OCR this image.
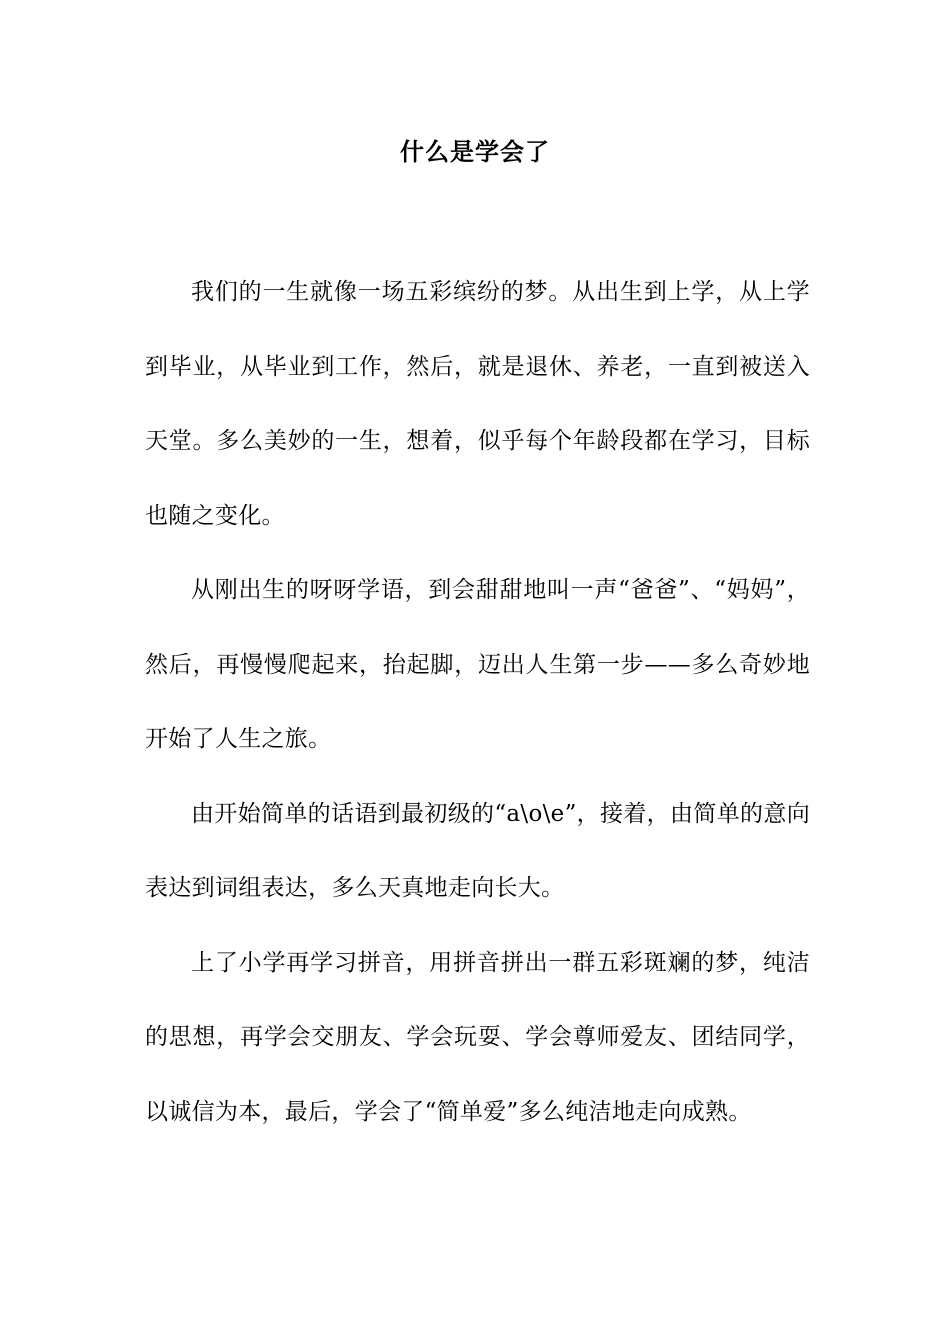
什么是学会了

我们的一生就像一场五彩缤纷的梦。从出生到上学，从上学到毕业，从毕业到工作，然后，就是退休、养老，一直到被送入天堂。多么美妙的一生，想着，似乎每个年龄段都在学习，目标也随之变化。

从刚出生的呀呀学语，到会甜甜地叫一声“爸爸”、“妈妈”，然后，再慢慢爬起来，抬起脚，迈出人生第一步——多么奇妙地开始了人生之旅。

由开始简单的话语到最初级的“a\o\e”，接着，由简单的意向表达到词组表达，多么天真地走向长大。

上了小学再学习拼音，用拼音拼出一群五彩斑斓的梦，纯洁的思想，再学会交朋友、学会玩耍、学会尊师爱友、团结同学，以诚信为本，最后，学会了“简单爱”多么纯洁地走向成熟。
